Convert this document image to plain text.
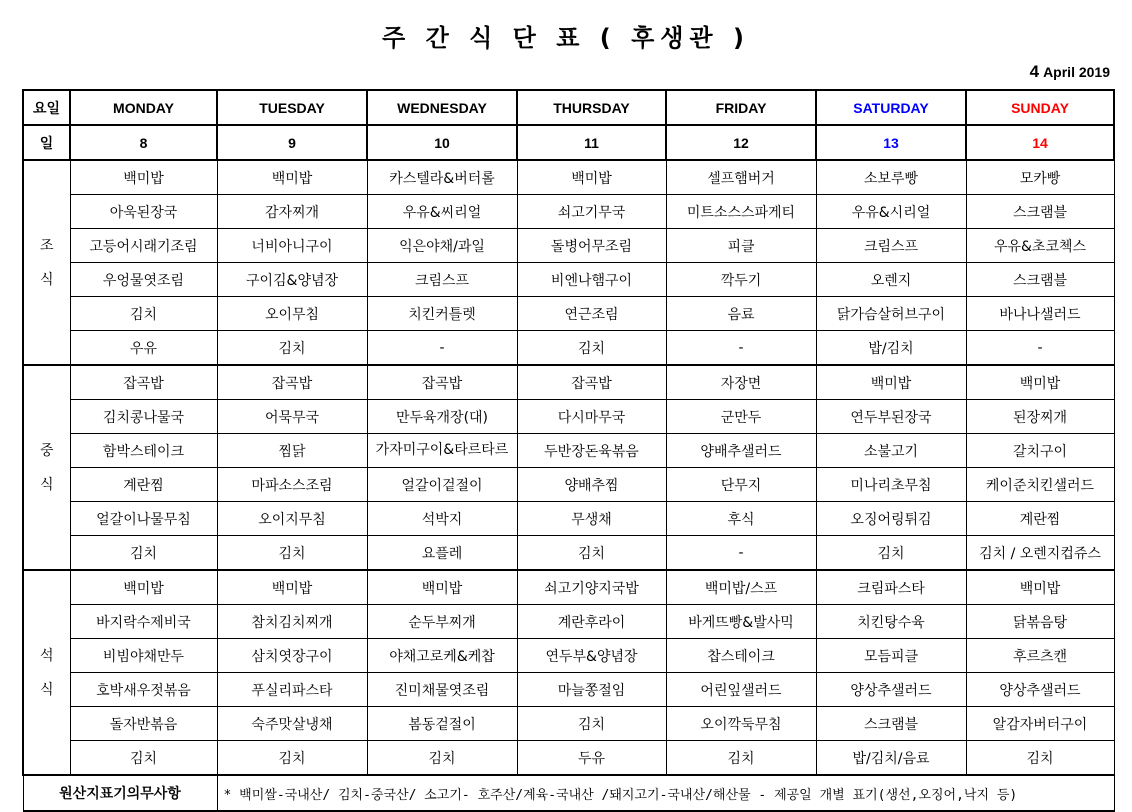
주 간 식 단 표 ( 후생관 )
4 April 2019
요일	MONDAY	TUESDAY	WEDNESDAY	THURSDAY	FRIDAY	SATURDAY	SUNDAY
일	8	9	10	11	12	13	14

조
식	백미밥	백미밥	카스텔라&버터롤	백미밥	셀프햄버거	소보루빵	모카빵
	아욱된장국	감자찌개	우유&씨리얼	쇠고기무국	미트소스스파게티	우유&시리얼	스크램블
	고등어시래기조림	너비아니구이	익은야채/과일	돌병어무조림	피클	크림스프	우유&초코첵스
	우엉물엿조림	구이김&양념장	크림스프	비엔나햄구이	깍두기	오렌지	스크램블
	김치	오이무침	치킨커틀렛	연근조림	음료	닭가슴살허브구이	바나나샐러드
	우유	김치	-	김치	-	밥/김치	-

중
식	잡곡밥	잡곡밥	잡곡밥	잡곡밥	자장면	백미밥	백미밥
	김치콩나물국	어묵무국	만두육개장(대)	다시마무국	군만두	연두부된장국	된장찌개
	함박스테이크	찜닭	가자미구이&타르타르	두반장돈육볶음	양배추샐러드	소불고기	갈치구이
	계란찜	마파소스조림	얼갈이겉절이	양배추찜	단무지	미나리초무침	케이준치킨샐러드
	얼갈이나물무침	오이지무침	석박지	무생채	후식	오징어링튀김	계란찜
	김치	김치	요플레	김치	-	김치	김치 / 오렌지컵쥬스

석
식	백미밥	백미밥	백미밥	쇠고기양지국밥	백미밥/스프	크림파스타	백미밥
	바지락수제비국	참치김치찌개	순두부찌개	계란후라이	바게뜨빵&발사믹	치킨탕수육	닭볶음탕
	비빔야채만두	삼치엿장구이	야채고로케&케찹	연두부&양념장	찹스테이크	모듬피클	후르츠캔
	호박새우젓볶음	푸실리파스타	진미채물엿조림	마늘쫑절임	어린잎샐러드	양상추샐러드	양상추샐러드
	돌자반볶음	숙주맛살냉채	봄동겉절이	김치	오이깍둑무침	스크램블	알감자버터구이
	김치	김치	김치	두유	김치	밥/김치/음료	김치
원산지표기의무사항		* 백미쌀-국내산/ 김치-중국산/ 소고기- 호주산/계육-국내산 /돼지고기-국내산/해산물 - 제공일 개별 표기(생선,오징어,낙지 등)					
